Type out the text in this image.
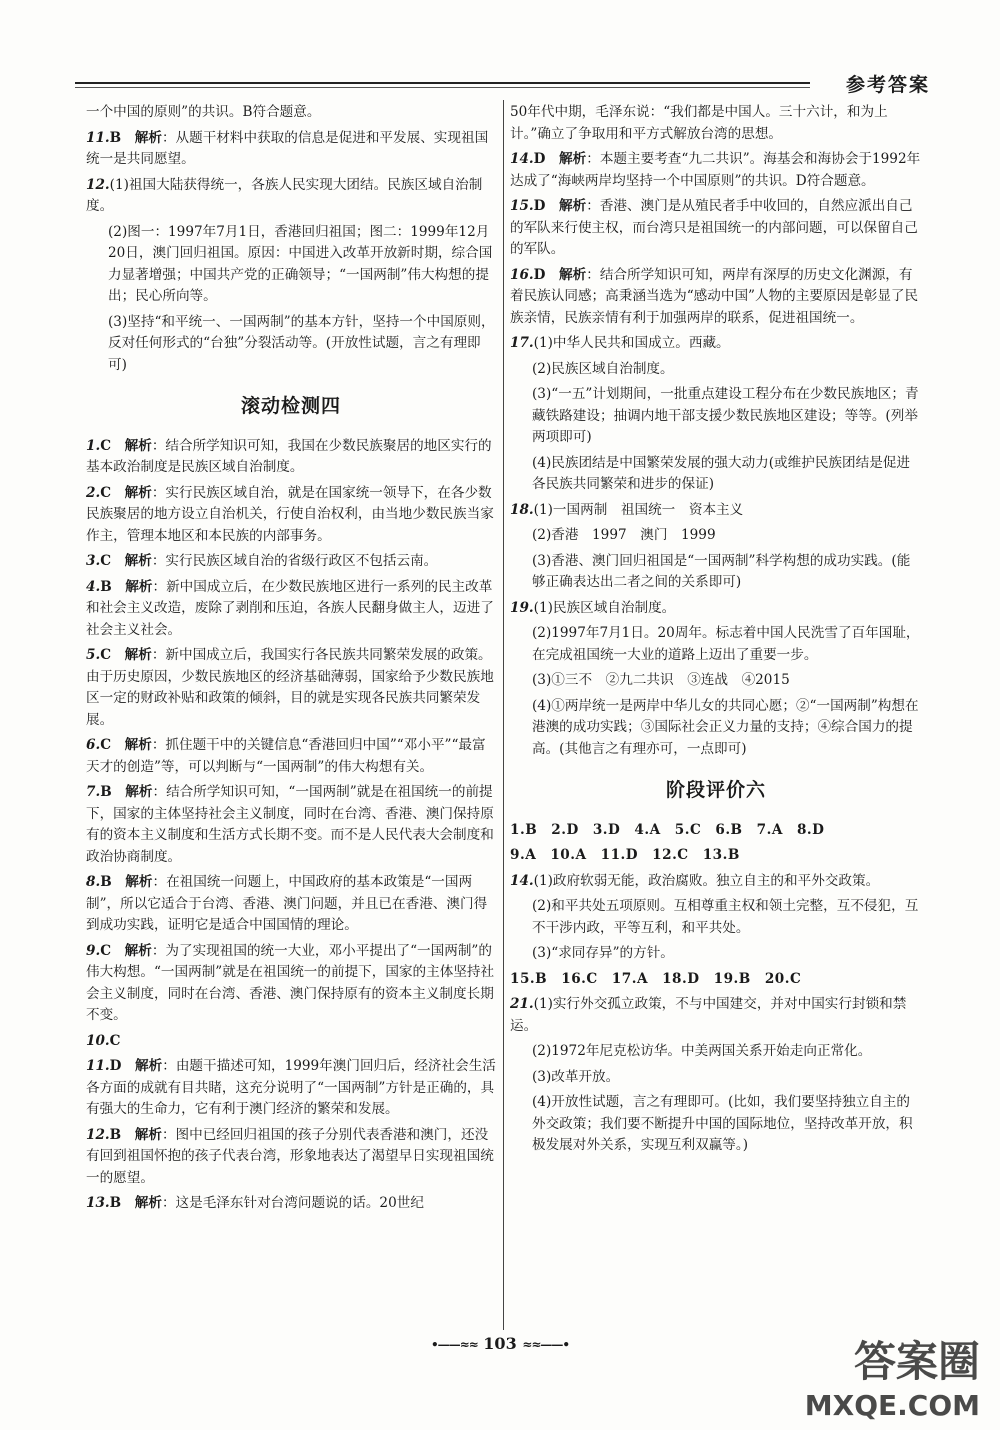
参考答案
一个中国的原则”的共识。B符合题意。
11.B　 解析：从题干材料中获取的信息是促进和平发展、实现祖国统一是共同愿望。
12.(1)祖国大陆获得统一，各族人民实现大团结。民族区域自治制度。
(2)图一：1997年7月1日，香港回归祖国；图二：1999年12月20日，澳门回归祖国。原因：中国进入改革开放新时期，综合国力显著增强；中国共产党的正确领导；“一国两制”伟大构想的提出；民心所向等。
(3)坚持“和平统一、一国两制”的基本方针，坚持一个中国原则，反对任何形式的“台独”分裂活动等。(开放性试题，言之有理即可)
滚动检测四
1.C　 解析：结合所学知识可知，我国在少数民族聚居的地区实行的基本政治制度是民族区域自治制度。
2.C　 解析：实行民族区域自治，就是在国家统一领导下，在各少数民族聚居的地方设立自治机关，行使自治权利，由当地少数民族当家作主，管理本地区和本民族的内部事务。
3.C　 解析：实行民族区域自治的省级行政区不包括云南。
4.B　 解析：新中国成立后，在少数民族地区进行一系列的民主改革和社会主义改造，废除了剥削和压迫，各族人民翻身做主人，迈进了社会主义社会。
5.C　 解析：新中国成立后，我国实行各民族共同繁荣发展的政策。由于历史原因，少数民族地区的经济基础薄弱，国家给予少数民族地区一定的财政补贴和政策的倾斜，目的就是实现各民族共同繁荣发展。
6.C　 解析：抓住题干中的关键信息“香港回归中国”“邓小平”“最富天才的创造”等，可以判断与“一国两制”的伟大构想有关。
7.B　 解析：结合所学知识可知，“一国两制”就是在祖国统一的前提下，国家的主体坚持社会主义制度，同时在台湾、香港、澳门保持原有的资本主义制度和生活方式长期不变。而不是人民代表大会制度和政治协商制度。
8.B　 解析：在祖国统一问题上，中国政府的基本政策是“一国两制”，所以它适合于台湾、香港、澳门问题，并且已在香港、澳门得到成功实践，证明它是适合中国国情的理论。
9.C　 解析：为了实现祖国的统一大业，邓小平提出了“一国两制”的伟大构想。“一国两制”就是在祖国统一的前提下，国家的主体坚持社会主义制度，同时在台湾、香港、澳门保持原有的资本主义制度长期不变。
10.C
11.D　 解析：由题干描述可知，1999年澳门回归后，经济社会生活各方面的成就有目共睹，这充分说明了“一国两制”方针是正确的，具有强大的生命力，它有利于澳门经济的繁荣和发展。
12.B　 解析：图中已经回归祖国的孩子分别代表香港和澳门，还没有回到祖国怀抱的孩子代表台湾，形象地表达了渴望早日实现祖国统一的愿望。
13.B　 解析：这是毛泽东针对台湾问题说的话。20世纪
50年代中期，毛泽东说：“我们都是中国人。三十六计，和为上计。”确立了争取用和平方式解放台湾的思想。
14.D　 解析：本题主要考查“九二共识”。海基会和海协会于1992年达成了“海峡两岸均坚持一个中国原则”的共识。D符合题意。
15.D　 解析：香港、澳门是从殖民者手中收回的，自然应派出自己的军队来行使主权，而台湾只是祖国统一的内部问题，可以保留自己的军队。
16.D　 解析：结合所学知识可知，两岸有深厚的历史文化渊源，有着民族认同感；高秉涵当选为“感动中国”人物的主要原因是彰显了民族亲情，民族亲情有利于加强两岸的联系，促进祖国统一。
17.(1)中华人民共和国成立。西藏。
(2)民族区域自治制度。
(3)“一五”计划期间，一批重点建设工程分布在少数民族地区；青藏铁路建设；抽调内地干部支援少数民族地区建设；等等。(列举两项即可)
(4)民族团结是中国繁荣发展的强大动力(或维护民族团结是促进各民族共同繁荣和进步的保证)
18.(1)一国两制　祖国统一　资本主义
(2)香港　1997　澳门　1999
(3)香港、澳门回归祖国是“一国两制”科学构想的成功实践。(能够正确表达出二者之间的关系即可)
19.(1)民族区域自治制度。
(2)1997年7月1日。20周年。标志着中国人民洗雪了百年国耻，在完成祖国统一大业的道路上迈出了重要一步。
(3)①三不　②九二共识　③连战　④2015
(4)①两岸统一是两岸中华儿女的共同心愿；②“一国两制”构想在港澳的成功实践；③国际社会正义力量的支持；④综合国力的提高。(其他言之有理亦可，一点即可)
阶段评价六
1.B　2.D　3.D　4.A　5.C　6.B　7.A　8.D
9.A　10.A　11.D　12.C　13.B
14.(1)政府软弱无能，政治腐败。独立自主的和平外交政策。
(2)和平共处五项原则。互相尊重主权和领土完整，互不侵犯，互不干涉内政，平等互利，和平共处。
(3)“求同存异”的方针。
15.B　16.C　17.A　18.D　19.B　20.C
21.(1)实行外交孤立政策，不与中国建交，并对中国实行封锁和禁运。
(2)1972年尼克松访华。中美两国关系开始走向正常化。
(3)改革开放。
(4)开放性试题，言之有理即可。(比如，我们要坚持独立自主的外交政策；我们要不断提升中国的国际地位，坚持改革开放，积极发展对外关系，实现互利双赢等。)
•——≈≈ 103 ≈≈——•	答案圈
MXQE.COM
